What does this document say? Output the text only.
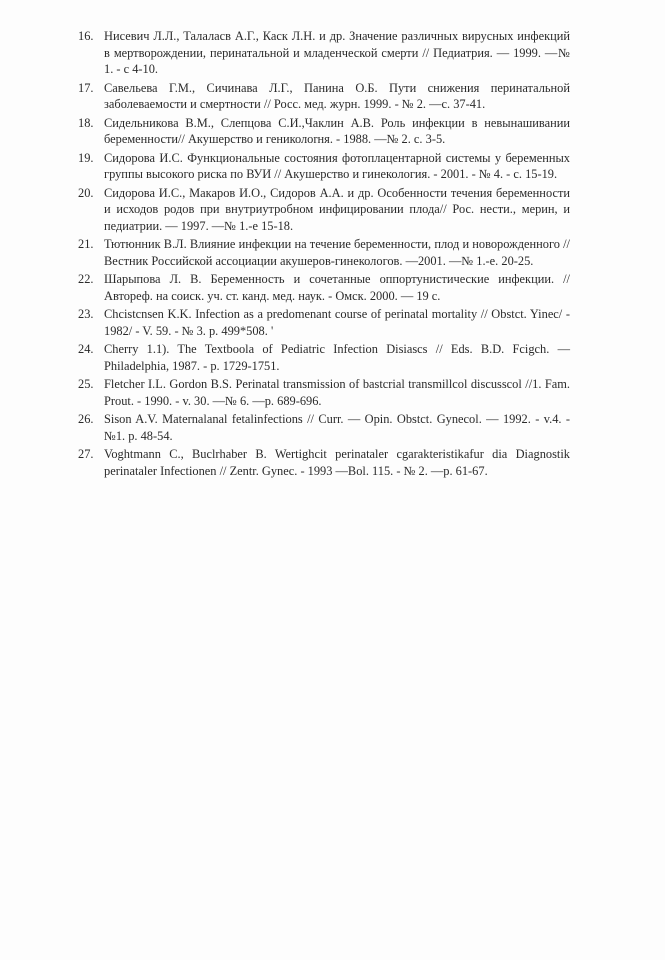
16. Нисевич Л.Л., Талаласв А.Г., Каск Л.Н. и др. Значение различных вирусных инфекций в мертворождении, перинатальной и младенческой смерти // Педиатрия. — 1999. —№ 1. - с 4-10.
17. Савельева Г.М., Сичинава Л.Г., Панина О.Б. Пути снижения перинатальной заболеваемости и смертности // Росс. мед. журн. 1999. - № 2. —с. 37-41.
18. Сидельникова В.М., Слепцова С.И.,Чаклин А.В. Роль инфекции в невынашивании беременности// Акушерство и гениколоrня. - 1988. —№ 2. с. 3-5.
19. Сидорова И.С. Функциональные состояния фотоплацентарной системы у беременных группы высокого риска по ВУИ // Акушерство и гинекология. - 2001. - № 4. - с. 15-19.
20. Сидорова И.С., Макаров И.О., Сидоров А.А. и др. Особенности течения беременности и исходов родов при внутриутробном инфицировании плода// Рос. нести., мерин, и педиатрии. — 1997. —№ 1.-е 15-18.
21. Тютюнник В.Л. Влияние инфекции на течение беременности, плод и новорожденного // Вестник Российской ассоциации акушеров-гинекологов. —2001. —№ 1.-е. 20-25.
22. Шарыпова Л. В. Беременность и сочетанные оппортунистические инфекции. // Автореф. на соиск. уч. ст. канд. мед. наук. - Омск. 2000. — 19 с.
23. Chcistcnsen K.K. Infection as a predomenant course of perinatal mortality // Obstct. Yinec/ - 1982/ - V. 59. - № 3. p. 499*508. '
24. Cherry 1.1). The Textboola of Pediatric Infection Disiascs // Eds. B.D. Fcigch. — Philadelphia, 1987. - p. 1729-1751.
25. Fletcher I.L. Gordon B.S. Perinatal transmission of bastcrial transmillcol discusscol //1. Fam. Prout. - 1990. - v. 30. —№ 6. —p. 689-696.
26. Sison A.V. Maternalanal fetalinfections // Curr. — Opin. Obstct. Gynecol. — 1992. - v.4. - №1. p. 48-54.
27. Voghtmann C., Buclrhaber B. Wertighcit perinataler cgarakteristikafur dia Diagnostik perinataler Infectionen // Zentr. Gynec. - 1993 —Bol. 115. - № 2. —p. 61-67.
